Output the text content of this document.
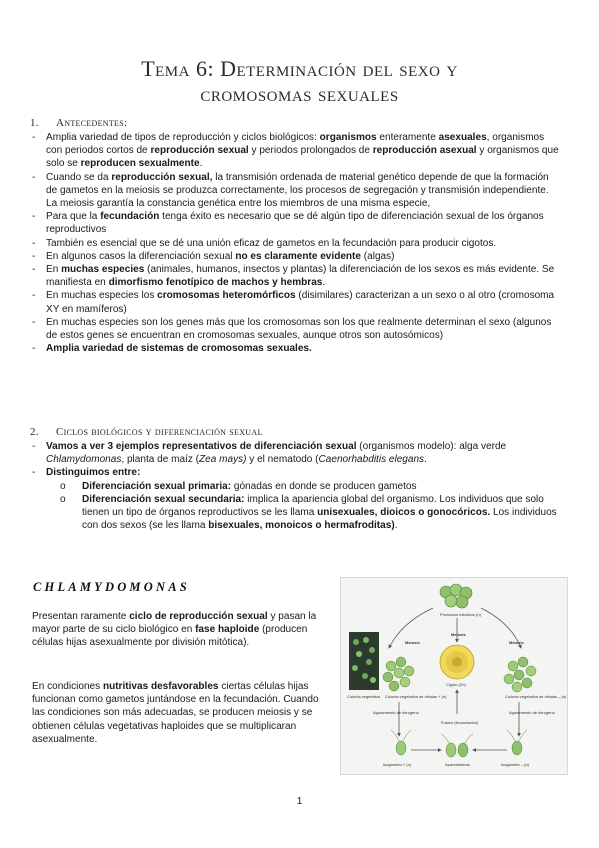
Tema 6: Determinación del sexo y
cromosomas sexuales
1. Antecedentes:

- Amplia variedad de tipos de reproducción y ciclos biológicos: organismos enteramente asexuales, organismos con periodos cortos de reproducción sexual y periodos prolongados de reproducción asexual y organismos que solo se reproducen sexualmente.

- Cuando se da reproducción sexual, la transmisión ordenada de material genético depende de que la formación de gametos en la meiosis se produzca correctamente, los procesos de segregación y transmisión independiente. La meiosis garantía la constancia genética entre los miembros de una misma especie,

- Para que la fecundación tenga éxito es necesario que se dé algún tipo de diferenciación sexual de los órganos reproductivos

- También es esencial que se dé una unión eficaz de gametos en la fecundación para producir cigotos.

- En algunos casos la diferenciación sexual no es claramente evidente (algas)

- En muchas especies (animales, humanos, insectos y plantas) la diferenciación de los sexos es más evidente. Se manifiesta en dimorfismo fenotípico de machos y hembras.

- En muchas especies los cromosomas heteromórficos (disimilares) caracterizan a un sexo o al otro (cromosoma XY en mamíferos)

- En muchas especies son los genes más que los cromosomas son los que realmente determinan el sexo (algunos de estos genes se encuentran en cromosomas sexuales, aunque otros son autosómicos)

- Amplia variedad de sistemas de cromosomas sexuales.

2. Ciclos biológicos y diferenciación sexual

- Vamos a ver 3 ejemplos representativos de diferenciación sexual (organismos modelo): alga verde Chlamydomonas, planta de maíz (Zea mays) y el nematodo (Caenorhabditis elegans.

- Distinguimos entre:

o Diferenciación sexual primaria: gónadas en donde se producen gametos

o Diferenciación sexual secundaria: implica la apariencia global del organismo. Los individuos que solo tienen un tipo de órganos reproductivos se les llama unisexuales, dioicos o gonocóricos. Los individuos con dos sexos (se les llama bisexuales, monoicos o hermafroditas).

CHLAMYDOMONAS

Presentan raramente ciclo de reproducción sexual y pasan la mayor parte de su ciclo biológico en fase haploide (producen células hijas asexualmente por división mitótica).

En condiciones nutritivas desfavorables ciertas células hijas funcionan como gametos juntándose en la fecundación. Cuando las condiciones son más adecuadas, se producen meiosis y se obtienen células vegetativas haploides que se multiplicaran asexualmente.

Productos mitóticos (n)
Meiosis
Meiosis
Meiosis
Colonia vegetativa Colonia vegetativa de células + (n)
Cigoto (2n)
Colonia vegetativa de células – (n)
Fusión (fecundación)
Agotamiento de nitrógeno	Agotamiento de nitrógeno
Isogameto + (n)	Apareamiento	Isogameto – (n)
1
